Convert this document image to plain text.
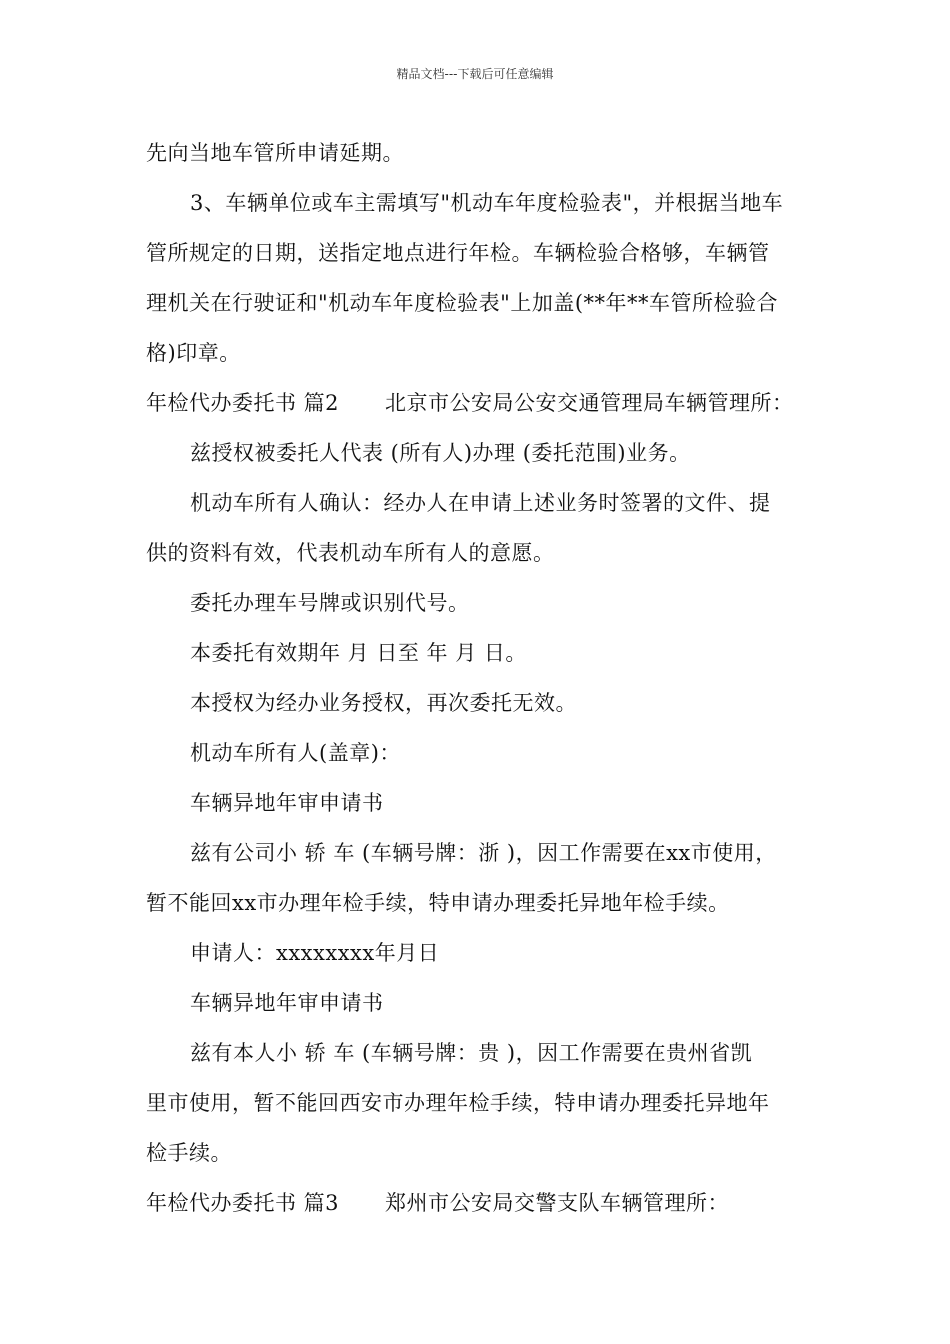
精品文档---下载后可任意编辑
先向当地车管所申请延期。
3、车辆单位或车主需填写"机动车年度检验表"，并根据当地车
管所规定的日期，送指定地点进行年检。车辆检验合格够，车辆管
理机关在行驶证和"机动车年度检验表"上加盖(**年**车管所检验合
格)印章。
年检代办委托书 篇2 北京市公安局公安交通管理局车辆管理所：
兹授权被委托人代表 (所有人)办理 (委托范围)业务。
机动车所有人确认：经办人在申请上述业务时签署的文件、提
供的资料有效，代表机动车所有人的意愿。
委托办理车号牌或识别代号。
本委托有效期年 月 日至 年 月 日。
本授权为经办业务授权，再次委托无效。
机动车所有人(盖章)：
车辆异地年审申请书
兹有公司小 轿 车 (车辆号牌：浙 )，因工作需要在xx市使用，
暂不能回xx市办理年检手续，特申请办理委托异地年检手续。
申请人：xxxxxxxx年月日
车辆异地年审申请书
兹有本人小 轿 车 (车辆号牌：贵 )，因工作需要在贵州省凯
里市使用，暂不能回西安市办理年检手续，特申请办理委托异地年
检手续。
年检代办委托书 篇3 郑州市公安局交警支队车辆管理所：
